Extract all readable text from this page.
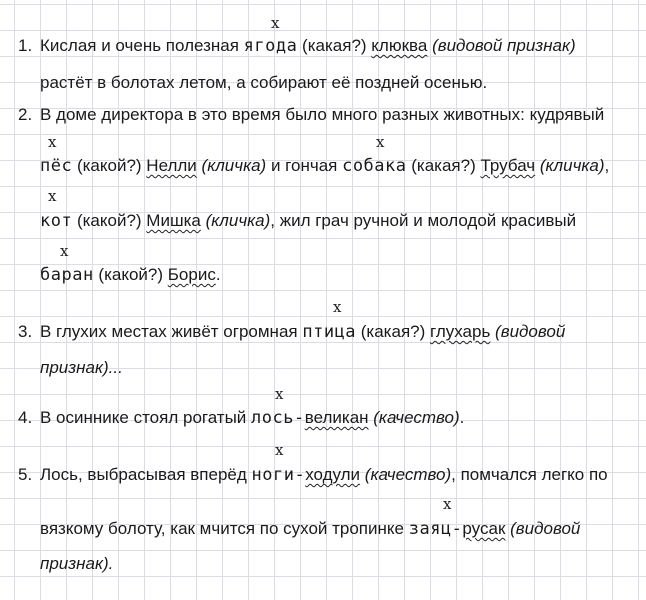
x
x	x
x
x
x
x
x
x
1. Кислая и очень полезная ягода (какая?) клюква (видовой признак)
растёт в болотах летом, а собирают её поздней осенью.
2. В доме директора в это время было много разных животных: кудрявый
пёс (какой?) Нелли (кличка) и гончая собака (какая?) Трубач (кличка),
кот (какой?) Мишка (кличка), жил грач ручной и молодой красивый
баран (какой?) Борис.
3. В глухих местах живёт огромная птица (какая?) глухарь (видовой
признак)...
4. В осиннике стоял рогатый лось-великан (качество).
5. Лось, выбрасывая вперёд ноги-ходули (качество), помчался легко по
вязкому болоту, как мчится по сухой тропинке заяц-русак (видовой
признак).
